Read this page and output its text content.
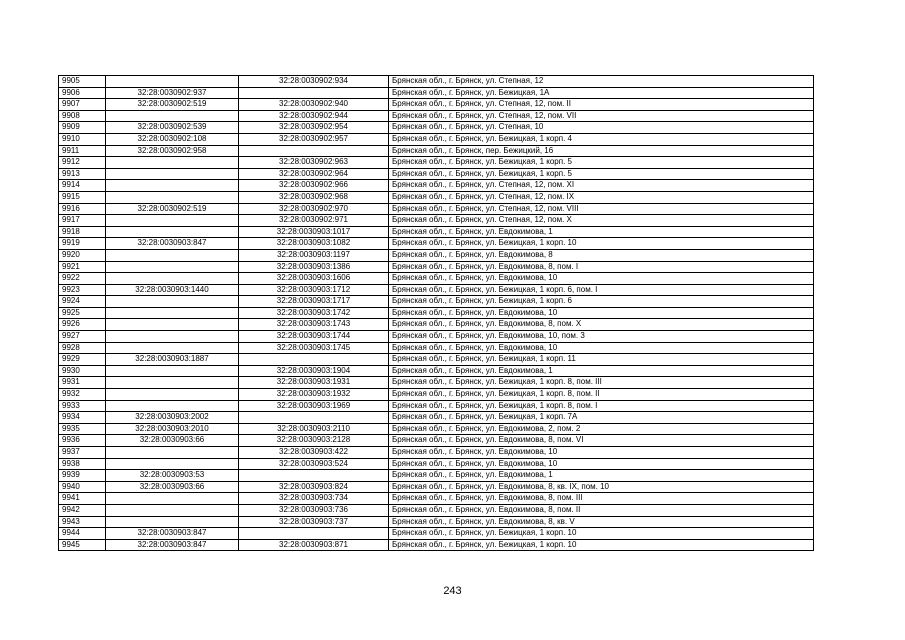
9905		32:28:0030902:934	Брянская обл., г. Брянск, ул. Степная, 12
9906	32:28:0030902:937		Брянская обл., г. Брянск, ул. Бежицкая, 1А
9907	32:28:0030902:519	32:28:0030902:940	Брянская обл., г. Брянск, ул. Степная, 12, пом. II
9908		32:28:0030902:944	Брянская обл., г. Брянск, ул. Степная, 12, пом. VII
9909	32:28:0030902:539	32:28:0030902:954	Брянская обл., г. Брянск, ул. Степная, 10
9910	32:28:0030902:108	32:28:0030902:957	Брянская обл., г. Брянск, ул. Бежицкая, 1 корп. 4
9911	32:28:0030902:958		Брянская обл., г. Брянск, пер. Бежицкий, 16
9912		32:28:0030902:963	Брянская обл., г. Брянск, ул. Бежицкая, 1 корп. 5
9913		32:28:0030902:964	Брянская обл., г. Брянск, ул. Бежицкая, 1 корп. 5
9914		32:28:0030902:966	Брянская обл., г. Брянск, ул. Степная, 12, пом. XI
9915		32:28:0030902:968	Брянская обл., г. Брянск, ул. Степная, 12, пом. IX
9916	32:28:0030902:519	32:28:0030902:970	Брянская обл., г. Брянск, ул. Степная, 12, пом. VIII
9917		32:28:0030902:971	Брянская обл., г. Брянск, ул. Степная, 12, пом. X
9918		32:28:0030903:1017	Брянская обл., г. Брянск, ул. Евдокимова, 1
9919	32:28:0030903:847	32:28:0030903:1082	Брянская обл., г. Брянск, ул. Бежицкая, 1 корп. 10
9920		32:28:0030903:1197	Брянская обл., г. Брянск, ул. Евдокимова, 8
9921		32:28:0030903:1386	Брянская обл., г. Брянск, ул. Евдокимова, 8, пом. I
9922		32:28:0030903:1606	Брянская обл., г. Брянск, ул. Евдокимова, 10
9923	32:28:0030903:1440	32:28:0030903:1712	Брянская обл., г. Брянск, ул. Бежицкая, 1 корп. 6, пом. I
9924		32:28:0030903:1717	Брянская обл., г. Брянск, ул. Бежицкая, 1 корп. 6
9925		32:28:0030903:1742	Брянская обл., г. Брянск, ул. Евдокимова, 10
9926		32:28:0030903:1743	Брянская обл., г. Брянск, ул. Евдокимова, 8, пом. X
9927		32:28:0030903:1744	Брянская обл., г. Брянск, ул. Евдокимова, 10, пом. 3
9928		32:28:0030903:1745	Брянская обл., г. Брянск, ул. Евдокимова, 10
9929	32:28:0030903:1887		Брянская обл., г. Брянск, ул. Бежицкая, 1 корп. 11
9930		32:28:0030903:1904	Брянская обл., г. Брянск, ул. Евдокимова, 1
9931		32:28:0030903:1931	Брянская обл., г. Брянск, ул. Бежицкая, 1 корп. 8, пом. III
9932		32:28:0030903:1932	Брянская обл., г. Брянск, ул. Бежицкая, 1 корп. 8, пом. II
9933		32:28:0030903:1969	Брянская обл., г. Брянск, ул. Бежицкая, 1 корп. 8, пом. I
9934	32:28:0030903:2002		Брянская обл., г. Брянск, ул. Бежицкая, 1 корп. 7А
9935	32:28:0030903:2010	32:28:0030903:2110	Брянская обл., г. Брянск, ул. Евдокимова, 2, пом. 2
9936	32:28:0030903:66	32:28:0030903:2128	Брянская обл., г. Брянск, ул. Евдокимова, 8, пом. VI
9937		32:28:0030903:422	Брянская обл., г. Брянск, ул. Евдокимова, 10
9938		32:28:0030903:524	Брянская обл., г. Брянск, ул. Евдокимова, 10
9939	32:28:0030903:53		Брянская обл., г. Брянск, ул. Евдокимова, 1
9940	32:28:0030903:66	32:28:0030903:824	Брянская обл., г. Брянск, ул. Евдокимова, 8, кв. IX, пом. 10
9941		32:28:0030903:734	Брянская обл., г. Брянск, ул. Евдокимова, 8, пом. III
9942		32:28:0030903:736	Брянская обл., г. Брянск, ул. Евдокимова, 8, пом. II
9943		32:28:0030903:737	Брянская обл., г. Брянск, ул. Евдокимова, 8, кв. V
9944	32:28:0030903:847		Брянская обл., г. Брянск, ул. Бежицкая, 1 корп. 10
9945	32:28:0030903:847	32:28:0030903:871	Брянская обл., г. Брянск, ул. Бежицкая, 1 корп. 10
243
